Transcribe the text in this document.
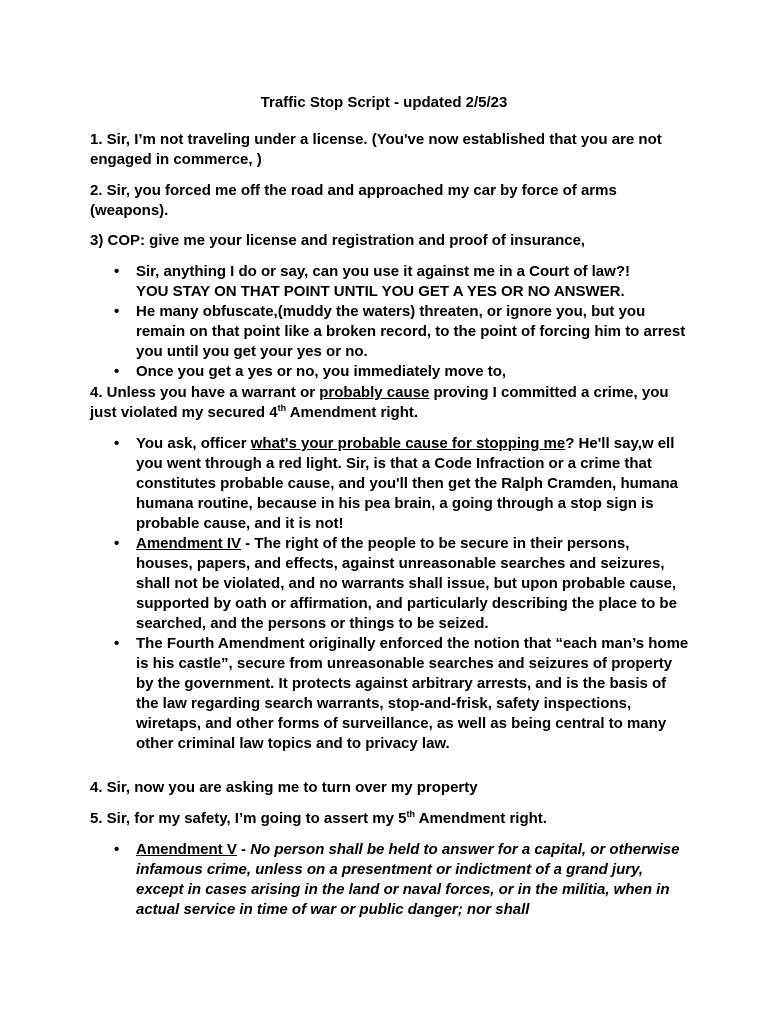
Traffic Stop Script - updated 2/5/23

1. Sir, I’m not traveling under a license. (You've now established that you are not engaged in commerce, )

2. Sir, you forced me off the road and approached my car by force of arms (weapons).

3) COP: give me your license and registration and proof of insurance,

• Sir, anything I do or say, can you use it against me in a Court of law?!
YOU STAY ON THAT POINT UNTIL YOU GET A YES OR NO ANSWER.
• He many obfuscate,(muddy the waters) threaten, or ignore you, but you remain on that point like a broken record, to the point of forcing him to arrest you until you get your yes or no.
• Once you get a yes or no, you immediately move to,

4. Unless you have a warrant or probably cause proving I committed a crime, you just violated my secured 4th Amendment right.

• You ask, officer what's your probable cause for stopping me? He'll say,w ell you went through a red light. Sir, is that a Code Infraction or a crime that constitutes probable cause, and you'll then get the Ralph Cramden, humana humana routine, because in his pea brain, a going through a stop sign is probable cause, and it is not!
• Amendment IV - The right of the people to be secure in their persons, houses, papers, and effects, against unreasonable searches and seizures, shall not be violated, and no warrants shall issue, but upon probable cause, supported by oath or affirmation, and particularly describing the place to be searched, and the persons or things to be seized.
• The Fourth Amendment originally enforced the notion that “each man’s home is his castle”, secure from unreasonable searches and seizures of property by the government. It protects against arbitrary arrests, and is the basis of the law regarding search warrants, stop-and-frisk, safety inspections, wiretaps, and other forms of surveillance, as well as being central to many other criminal law topics and to privacy law.

4. Sir, now you are asking me to turn over my property

5. Sir, for my safety, I’m going to assert my 5th Amendment right.

• Amendment V - No person shall be held to answer for a capital, or otherwise infamous crime, unless on a presentment or indictment of a grand jury, except in cases arising in the land or naval forces, or in the militia, when in actual service in time of war or public danger; nor shall
